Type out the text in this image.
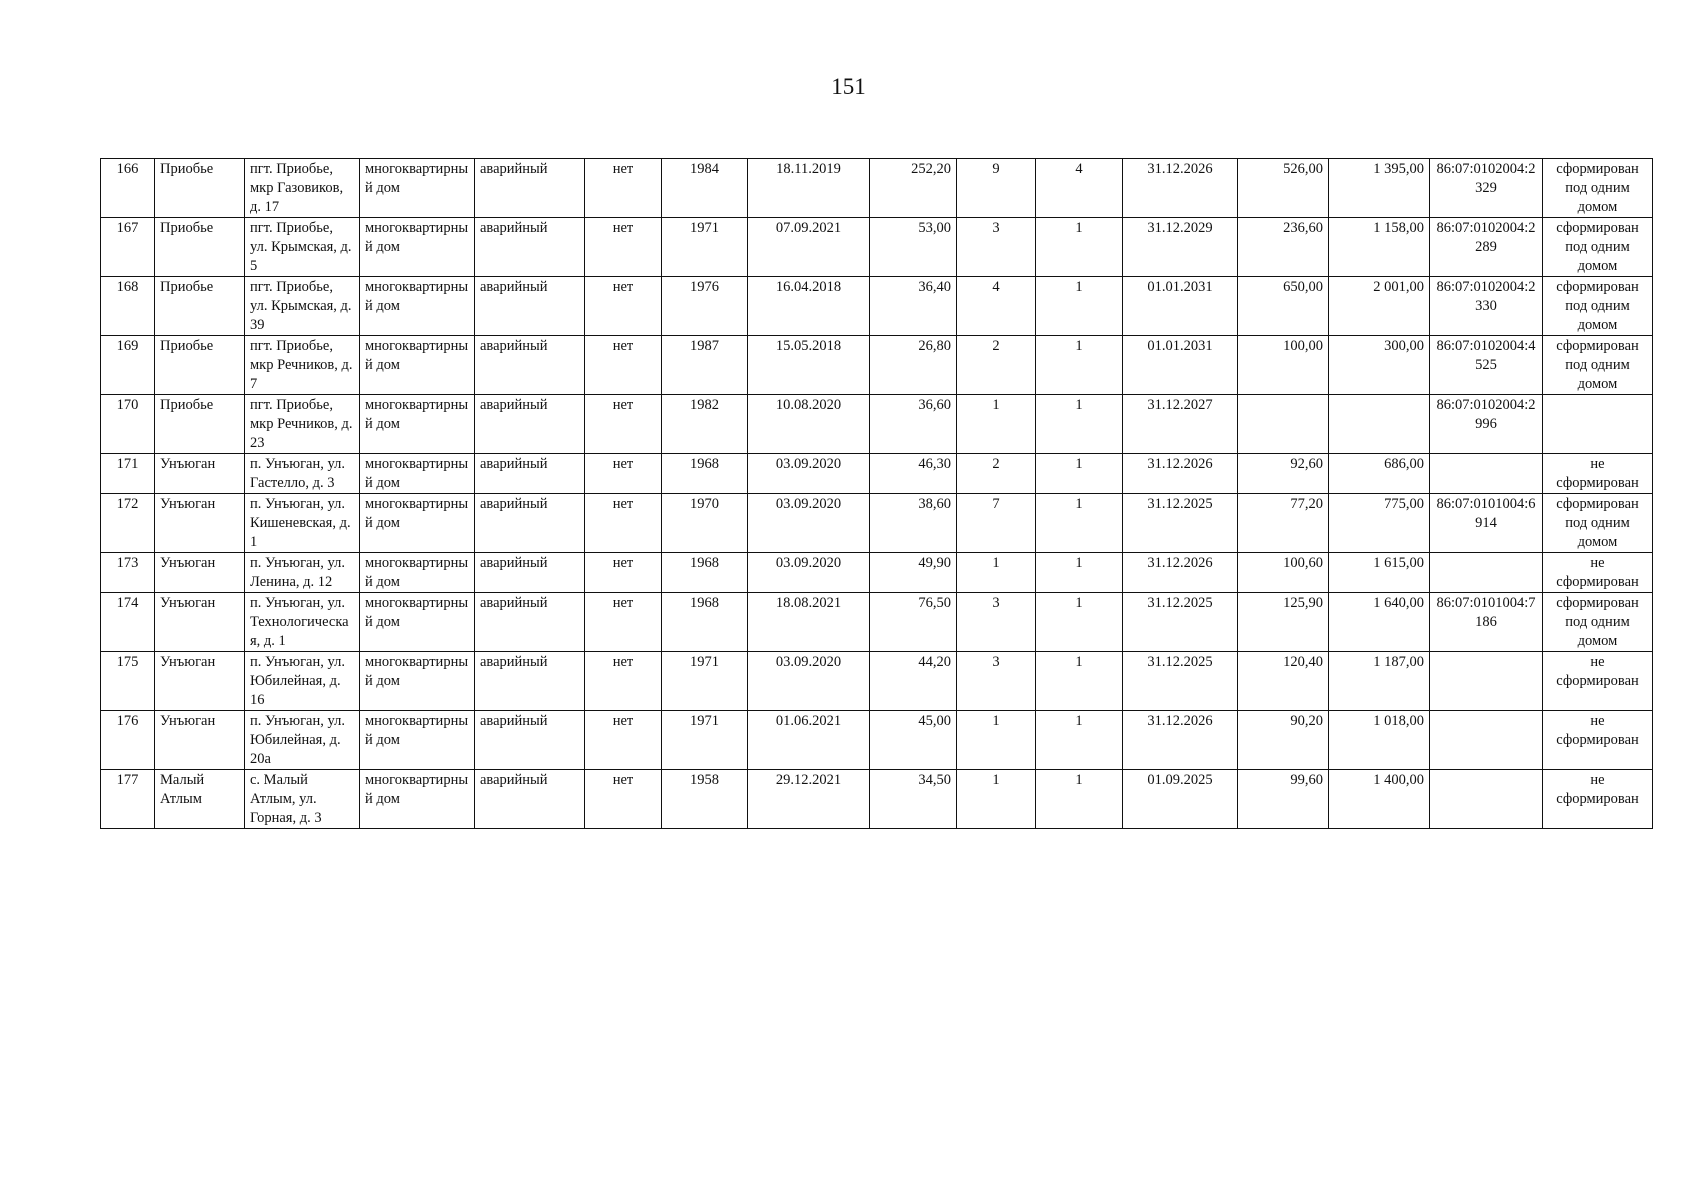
151
166	Приобье	пгт. Приобье, мкр Газовиков, д. 17	многоквартирный дом	аварийный	нет	1984	18.11.2019	252,20	9	4	31.12.2026	526,00	1 395,00	86:07:0102004:2329	сформирован под одним домом
167	Приобье	пгт. Приобье, ул. Крымская, д. 5	многоквартирный дом	аварийный	нет	1971	07.09.2021	53,00	3	1	31.12.2029	236,60	1 158,00	86:07:0102004:2289	сформирован под одним домом
168	Приобье	пгт. Приобье, ул. Крымская, д. 39	многоквартирный дом	аварийный	нет	1976	16.04.2018	36,40	4	1	01.01.2031	650,00	2 001,00	86:07:0102004:2330	сформирован под одним домом
169	Приобье	пгт. Приобье, мкр Речников, д. 7	многоквартирный дом	аварийный	нет	1987	15.05.2018	26,80	2	1	01.01.2031	100,00	300,00	86:07:0102004:4525	сформирован под одним домом
170	Приобье	пгт. Приобье, мкр Речников, д. 23	многоквартирный дом	аварийный	нет	1982	10.08.2020	36,60	1	1	31.12.2027			86:07:0102004:2996	
171	Унъюган	п. Унъюган, ул. Гастелло, д. 3	многоквартирный дом	аварийный	нет	1968	03.09.2020	46,30	2	1	31.12.2026	92,60	686,00		не сформирован
172	Унъюган	п. Унъюган, ул. Кишеневская, д. 1	многоквартирный дом	аварийный	нет	1970	03.09.2020	38,60	7	1	31.12.2025	77,20	775,00	86:07:0101004:6914	сформирован под одним домом
173	Унъюган	п. Унъюган, ул. Ленина, д. 12	многоквартирный дом	аварийный	нет	1968	03.09.2020	49,90	1	1	31.12.2026	100,60	1 615,00		не сформирован
174	Унъюган	п. Унъюган, ул. Технологическая, д. 1	многоквартирный дом	аварийный	нет	1968	18.08.2021	76,50	3	1	31.12.2025	125,90	1 640,00	86:07:0101004:7186	сформирован под одним домом
175	Унъюган	п. Унъюган, ул. Юбилейная, д. 16	многоквартирный дом	аварийный	нет	1971	03.09.2020	44,20	3	1	31.12.2025	120,40	1 187,00		не сформирован
176	Унъюган	п. Унъюган, ул. Юбилейная, д. 20а	многоквартирный дом	аварийный	нет	1971	01.06.2021	45,00	1	1	31.12.2026	90,20	1 018,00		не сформирован
177	Малый Атлым	с. Малый Атлым, ул. Горная, д. 3	многоквартирный дом	аварийный	нет	1958	29.12.2021	34,50	1	1	01.09.2025	99,60	1 400,00		не сформирован
